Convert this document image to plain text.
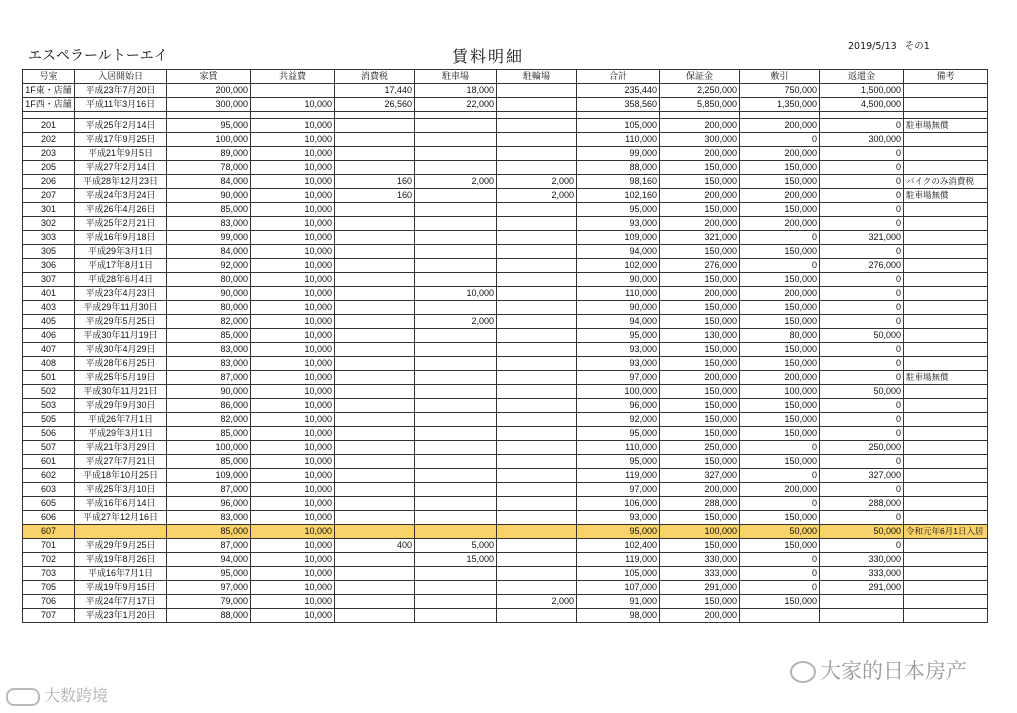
エスペラールトーエイ	賃料明細
2019/5/13 その1
号室	入居開始日	家賃	共益費	消費税	駐車場	駐輪場	合計	保証金	敷引	返還金	備考
1F東・店舗	平成23年7月20日	200,000		17,440	18,000		235,440	2,250,000	750,000	1,500,000	
1F西・店舗	平成11年3月16日	300,000	10,000	26,560	22,000		358,560	5,850,000	1,350,000	4,500,000	

201	平成25年2月14日	95,000	10,000				105,000	200,000	200,000	0	駐車場無償
202	平成17年9月25日	100,000	10,000				110,000	300,000	0	300,000	
203	平成21年9月5日	89,000	10,000				99,000	200,000	200,000	0	
205	平成27年2月14日	78,000	10,000				88,000	150,000	150,000	0	
206	平成28年12月23日	84,000	10,000	160	2,000	2,000	98,160	150,000	150,000	0	バイクのみ消費税
207	平成24年3月24日	90,000	10,000	160		2,000	102,160	200,000	200,000	0	駐車場無償
301	平成26年4月26日	85,000	10,000				95,000	150,000	150,000	0	
302	平成25年2月21日	83,000	10,000				93,000	200,000	200,000	0	
303	平成16年9月18日	99,000	10,000				109,000	321,000	0	321,000	
305	平成29年3月1日	84,000	10,000				94,000	150,000	150,000	0	
306	平成17年8月1日	92,000	10,000				102,000	276,000	0	276,000	
307	平成28年6月4日	80,000	10,000				90,000	150,000	150,000	0	
401	平成23年4月23日	90,000	10,000		10,000		110,000	200,000	200,000	0	
403	平成29年11月30日	80,000	10,000				90,000	150,000	150,000	0	
405	平成29年5月25日	82,000	10,000		2,000		94,000	150,000	150,000	0	
406	平成30年11月19日	85,000	10,000				95,000	130,000	80,000	50,000	
407	平成30年4月29日	83,000	10,000				93,000	150,000	150,000	0	
408	平成28年6月25日	83,000	10,000				93,000	150,000	150,000	0	
501	平成25年5月19日	87,000	10,000				97,000	200,000	200,000	0	駐車場無償
502	平成30年11月21日	90,000	10,000				100,000	150,000	100,000	50,000	
503	平成29年9月30日	86,000	10,000				96,000	150,000	150,000	0	
505	平成26年7月1日	82,000	10,000				92,000	150,000	150,000	0	
506	平成29年3月1日	85,000	10,000				95,000	150,000	150,000	0	
507	平成21年3月29日	100,000	10,000				110,000	250,000	0	250,000	
601	平成27年7月21日	85,000	10,000				95,000	150,000	150,000	0	
602	平成18年10月25日	109,000	10,000				119,000	327,000	0	327,000	
603	平成25年3月10日	87,000	10,000				97,000	200,000	200,000	0	
605	平成16年6月14日	96,000	10,000				106,000	288,000	0	288,000	
606	平成27年12月16日	83,000	10,000				93,000	150,000	150,000	0	
607		85,000	10,000				95,000	100,000	50,000	50,000	令和元年6月1日入居
701	平成29年9月25日	87,000	10,000	400	5,000		102,400	150,000	150,000	0	
702	平成19年8月26日	94,000	10,000		15,000		119,000	330,000	0	330,000	
703	平成16年7月1日	95,000	10,000				105,000	333,000	0	333,000	
705	平成19年9月15日	97,000	10,000				107,000	291,000	0	291,000	
706	平成24年7月17日	79,000	10,000			2,000	91,000	150,000	150,000		
707	平成23年1月20日	88,000	10,000				98,000	200,000			
大数跨境
大家的日本房产
